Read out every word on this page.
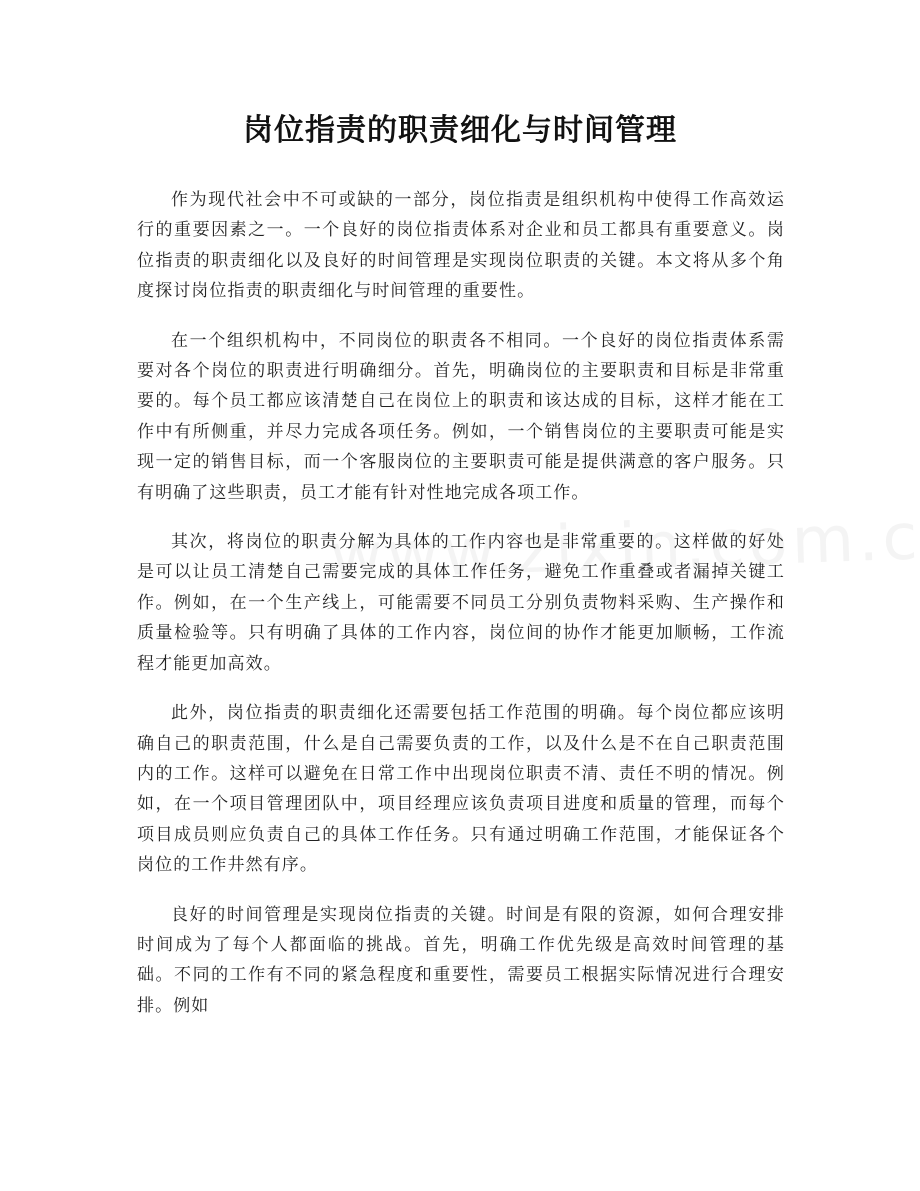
岗位指责的职责细化与时间管理

作为现代社会中不可或缺的一部分，岗位指责是组织机构中使得工作高效运行的重要因素之一。一个良好的岗位指责体系对企业和员工都具有重要意义。岗位指责的职责细化以及良好的时间管理是实现岗位职责的关键。本文将从多个角度探讨岗位指责的职责细化与时间管理的重要性。

在一个组织机构中，不同岗位的职责各不相同。一个良好的岗位指责体系需要对各个岗位的职责进行明确细分。首先，明确岗位的主要职责和目标是非常重要的。每个员工都应该清楚自己在岗位上的职责和该达成的目标，这样才能在工作中有所侧重，并尽力完成各项任务。例如，一个销售岗位的主要职责可能是实现一定的销售目标，而一个客服岗位的主要职责可能是提供满意的客户服务。只有明确了这些职责，员工才能有针对性地完成各项工作。

其次，将岗位的职责分解为具体的工作内容也是非常重要的。这样做的好处是可以让员工清楚自己需要完成的具体工作任务，避免工作重叠或者漏掉关键工作。例如，在一个生产线上，可能需要不同员工分别负责物料采购、生产操作和质量检验等。只有明确了具体的工作内容，岗位间的协作才能更加顺畅，工作流程才能更加高效。

此外，岗位指责的职责细化还需要包括工作范围的明确。每个岗位都应该明确自己的职责范围，什么是自己需要负责的工作，以及什么是不在自己职责范围内的工作。这样可以避免在日常工作中出现岗位职责不清、责任不明的情况。例如，在一个项目管理团队中，项目经理应该负责项目进度和质量的管理，而每个项目成员则应负责自己的具体工作任务。只有通过明确工作范围，才能保证各个岗位的工作井然有序。

良好的时间管理是实现岗位指责的关键。时间是有限的资源，如何合理安排时间成为了每个人都面临的挑战。首先，明确工作优先级是高效时间管理的基础。不同的工作有不同的紧急程度和重要性，需要员工根据实际情况进行合理安排。例如
